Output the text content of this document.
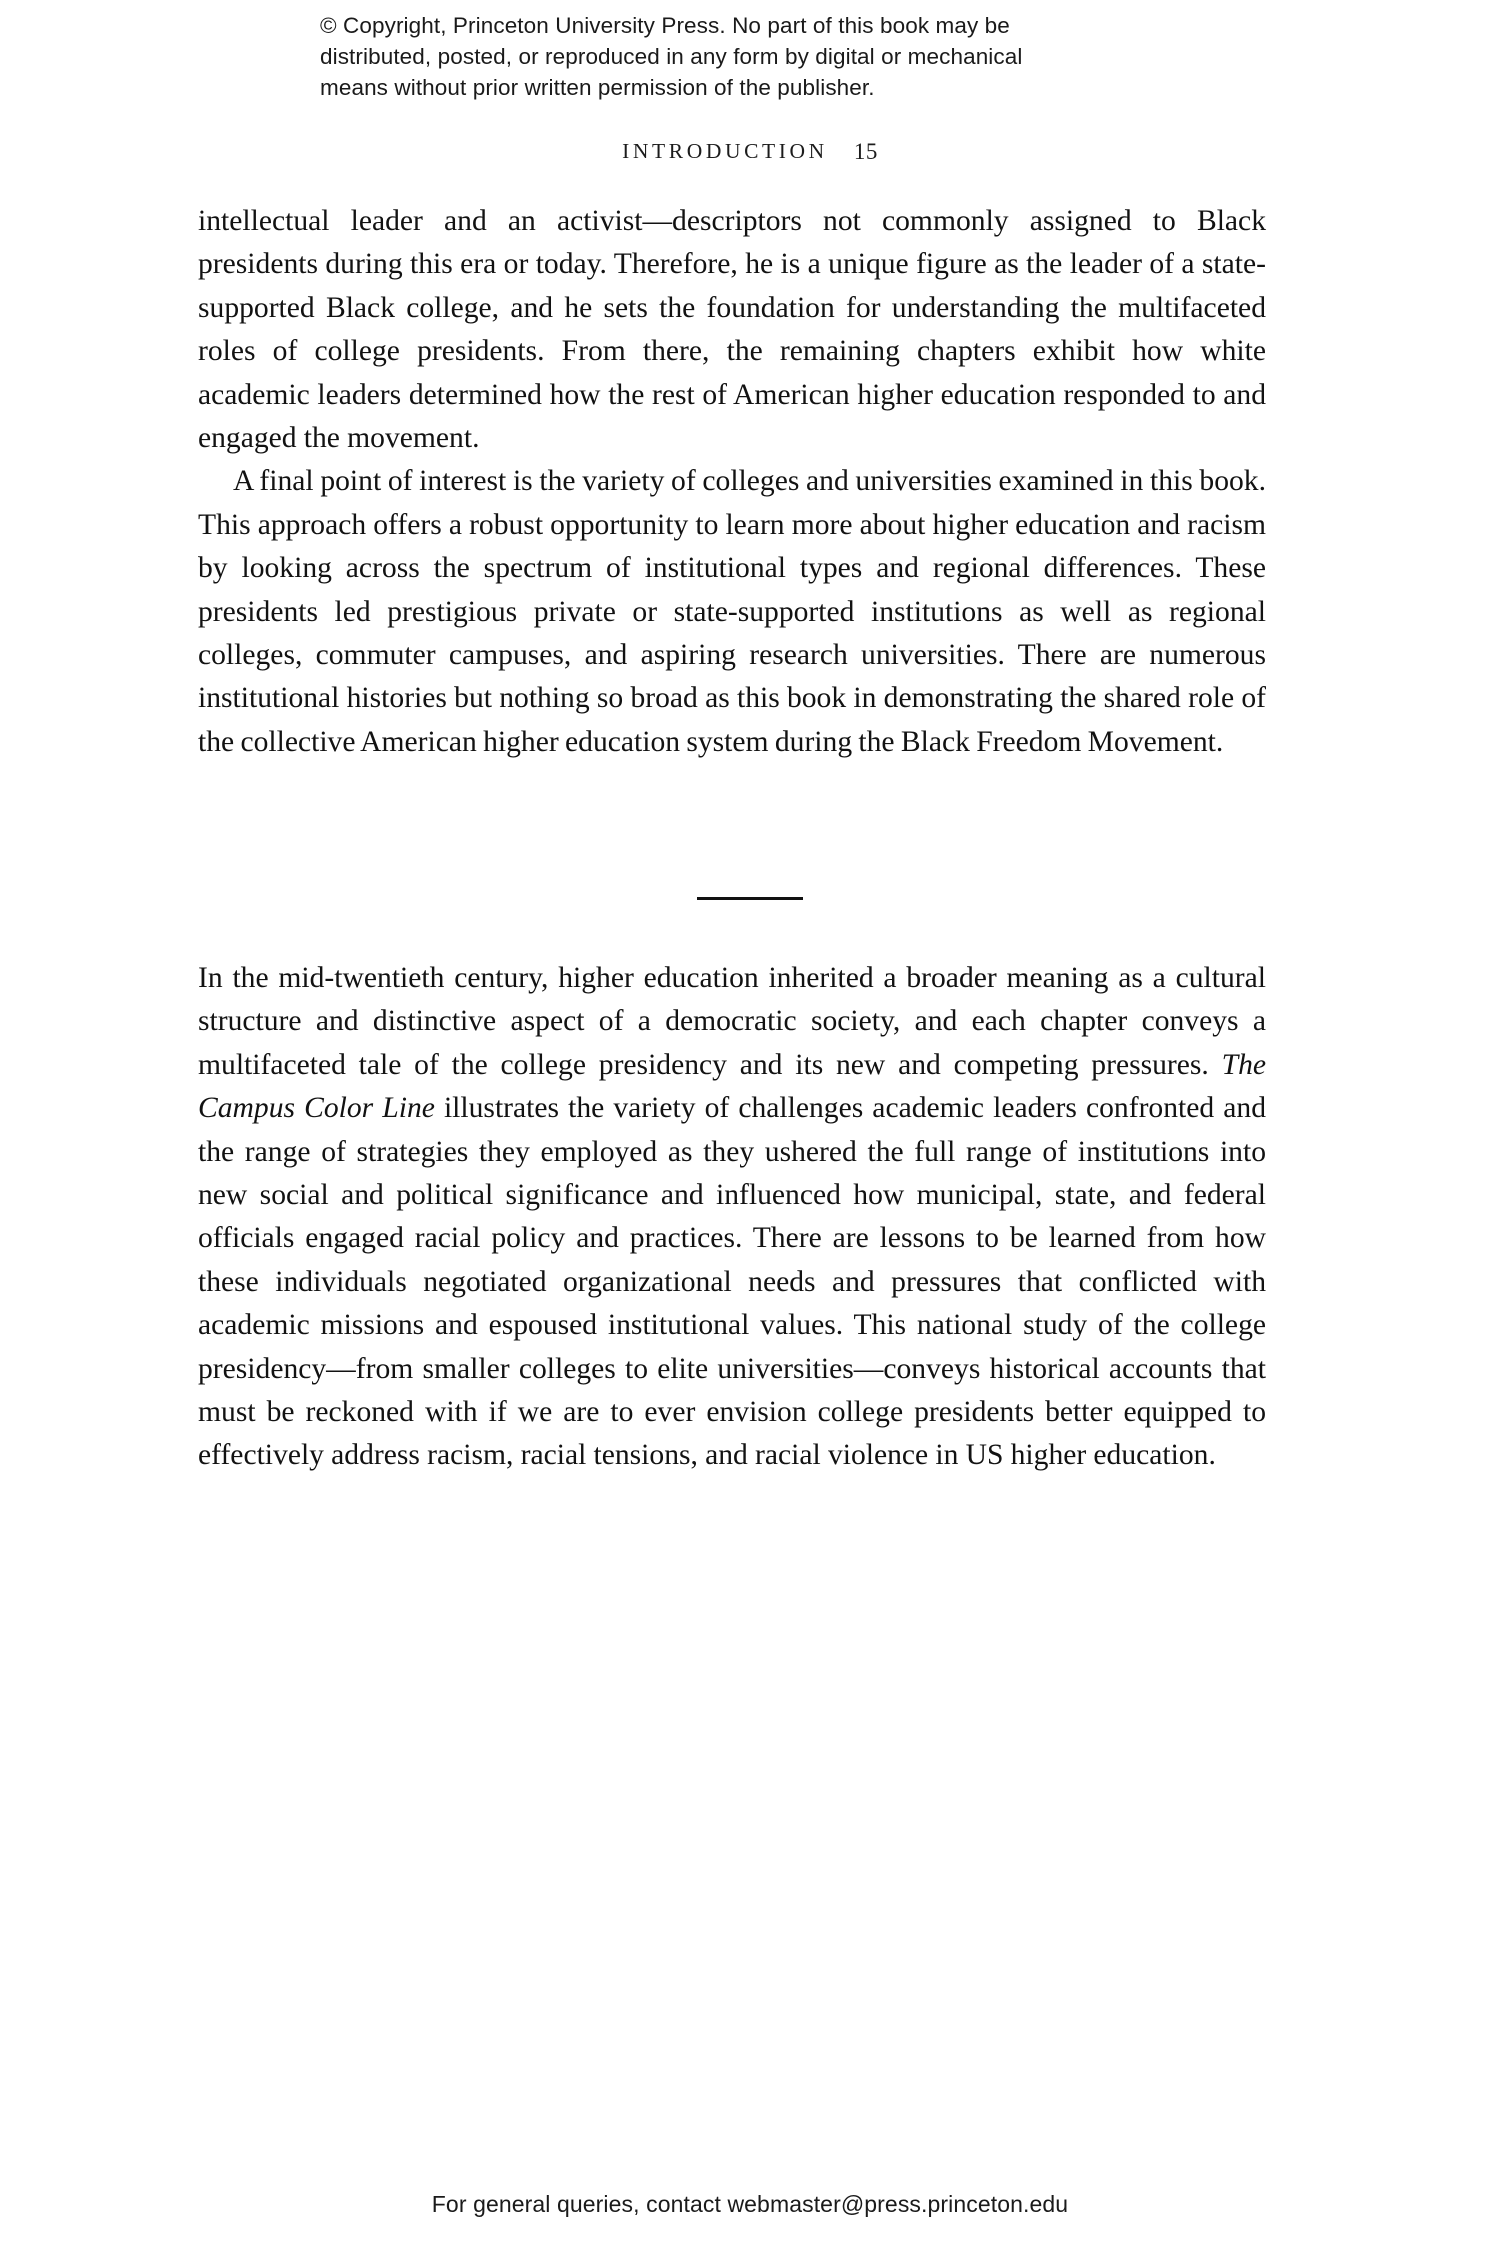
© Copyright, Princeton University Press. No part of this book may be
distributed, posted, or reproduced in any form by digital or mechanical
means without prior written permission of the publisher.
INTRODUCTION 15

intellectual leader and an activist—descriptors not commonly assigned to Black presidents during this era or today. Therefore, he is a unique figure as the leader of a state-supported Black college, and he sets the foundation for understanding the multifaceted roles of college presidents. From there, the remaining chapters exhibit how white academic leaders determined how the rest of American higher education responded to and engaged the movement.

A final point of interest is the variety of colleges and universities examined in this book. This approach offers a robust opportunity to learn more about higher education and racism by looking across the spectrum of institutional types and regional differences. These presidents led prestigious private or state-supported institutions as well as regional colleges, commuter campuses, and aspiring research universities. There are numerous institutional histories but nothing so broad as this book in demonstrating the shared role of the collective American higher education system during the Black Freedom Movement.

In the mid-twentieth century, higher education inherited a broader meaning as a cultural structure and distinctive aspect of a democratic society, and each chapter conveys a multifaceted tale of the college presidency and its new and competing pressures. The Campus Color Line illustrates the variety of challenges academic leaders confronted and the range of strategies they employed as they ushered the full range of institutions into new social and political significance and influenced how municipal, state, and federal officials engaged racial policy and practices. There are lessons to be learned from how these individuals negotiated organizational needs and pressures that conflicted with academic missions and espoused institutional values. This national study of the college presidency—from smaller colleges to elite universities—conveys historical accounts that must be reckoned with if we are to ever envision college presidents better equipped to effectively address racism, racial tensions, and racial violence in US higher education.

For general queries, contact webmaster@press.princeton.edu
